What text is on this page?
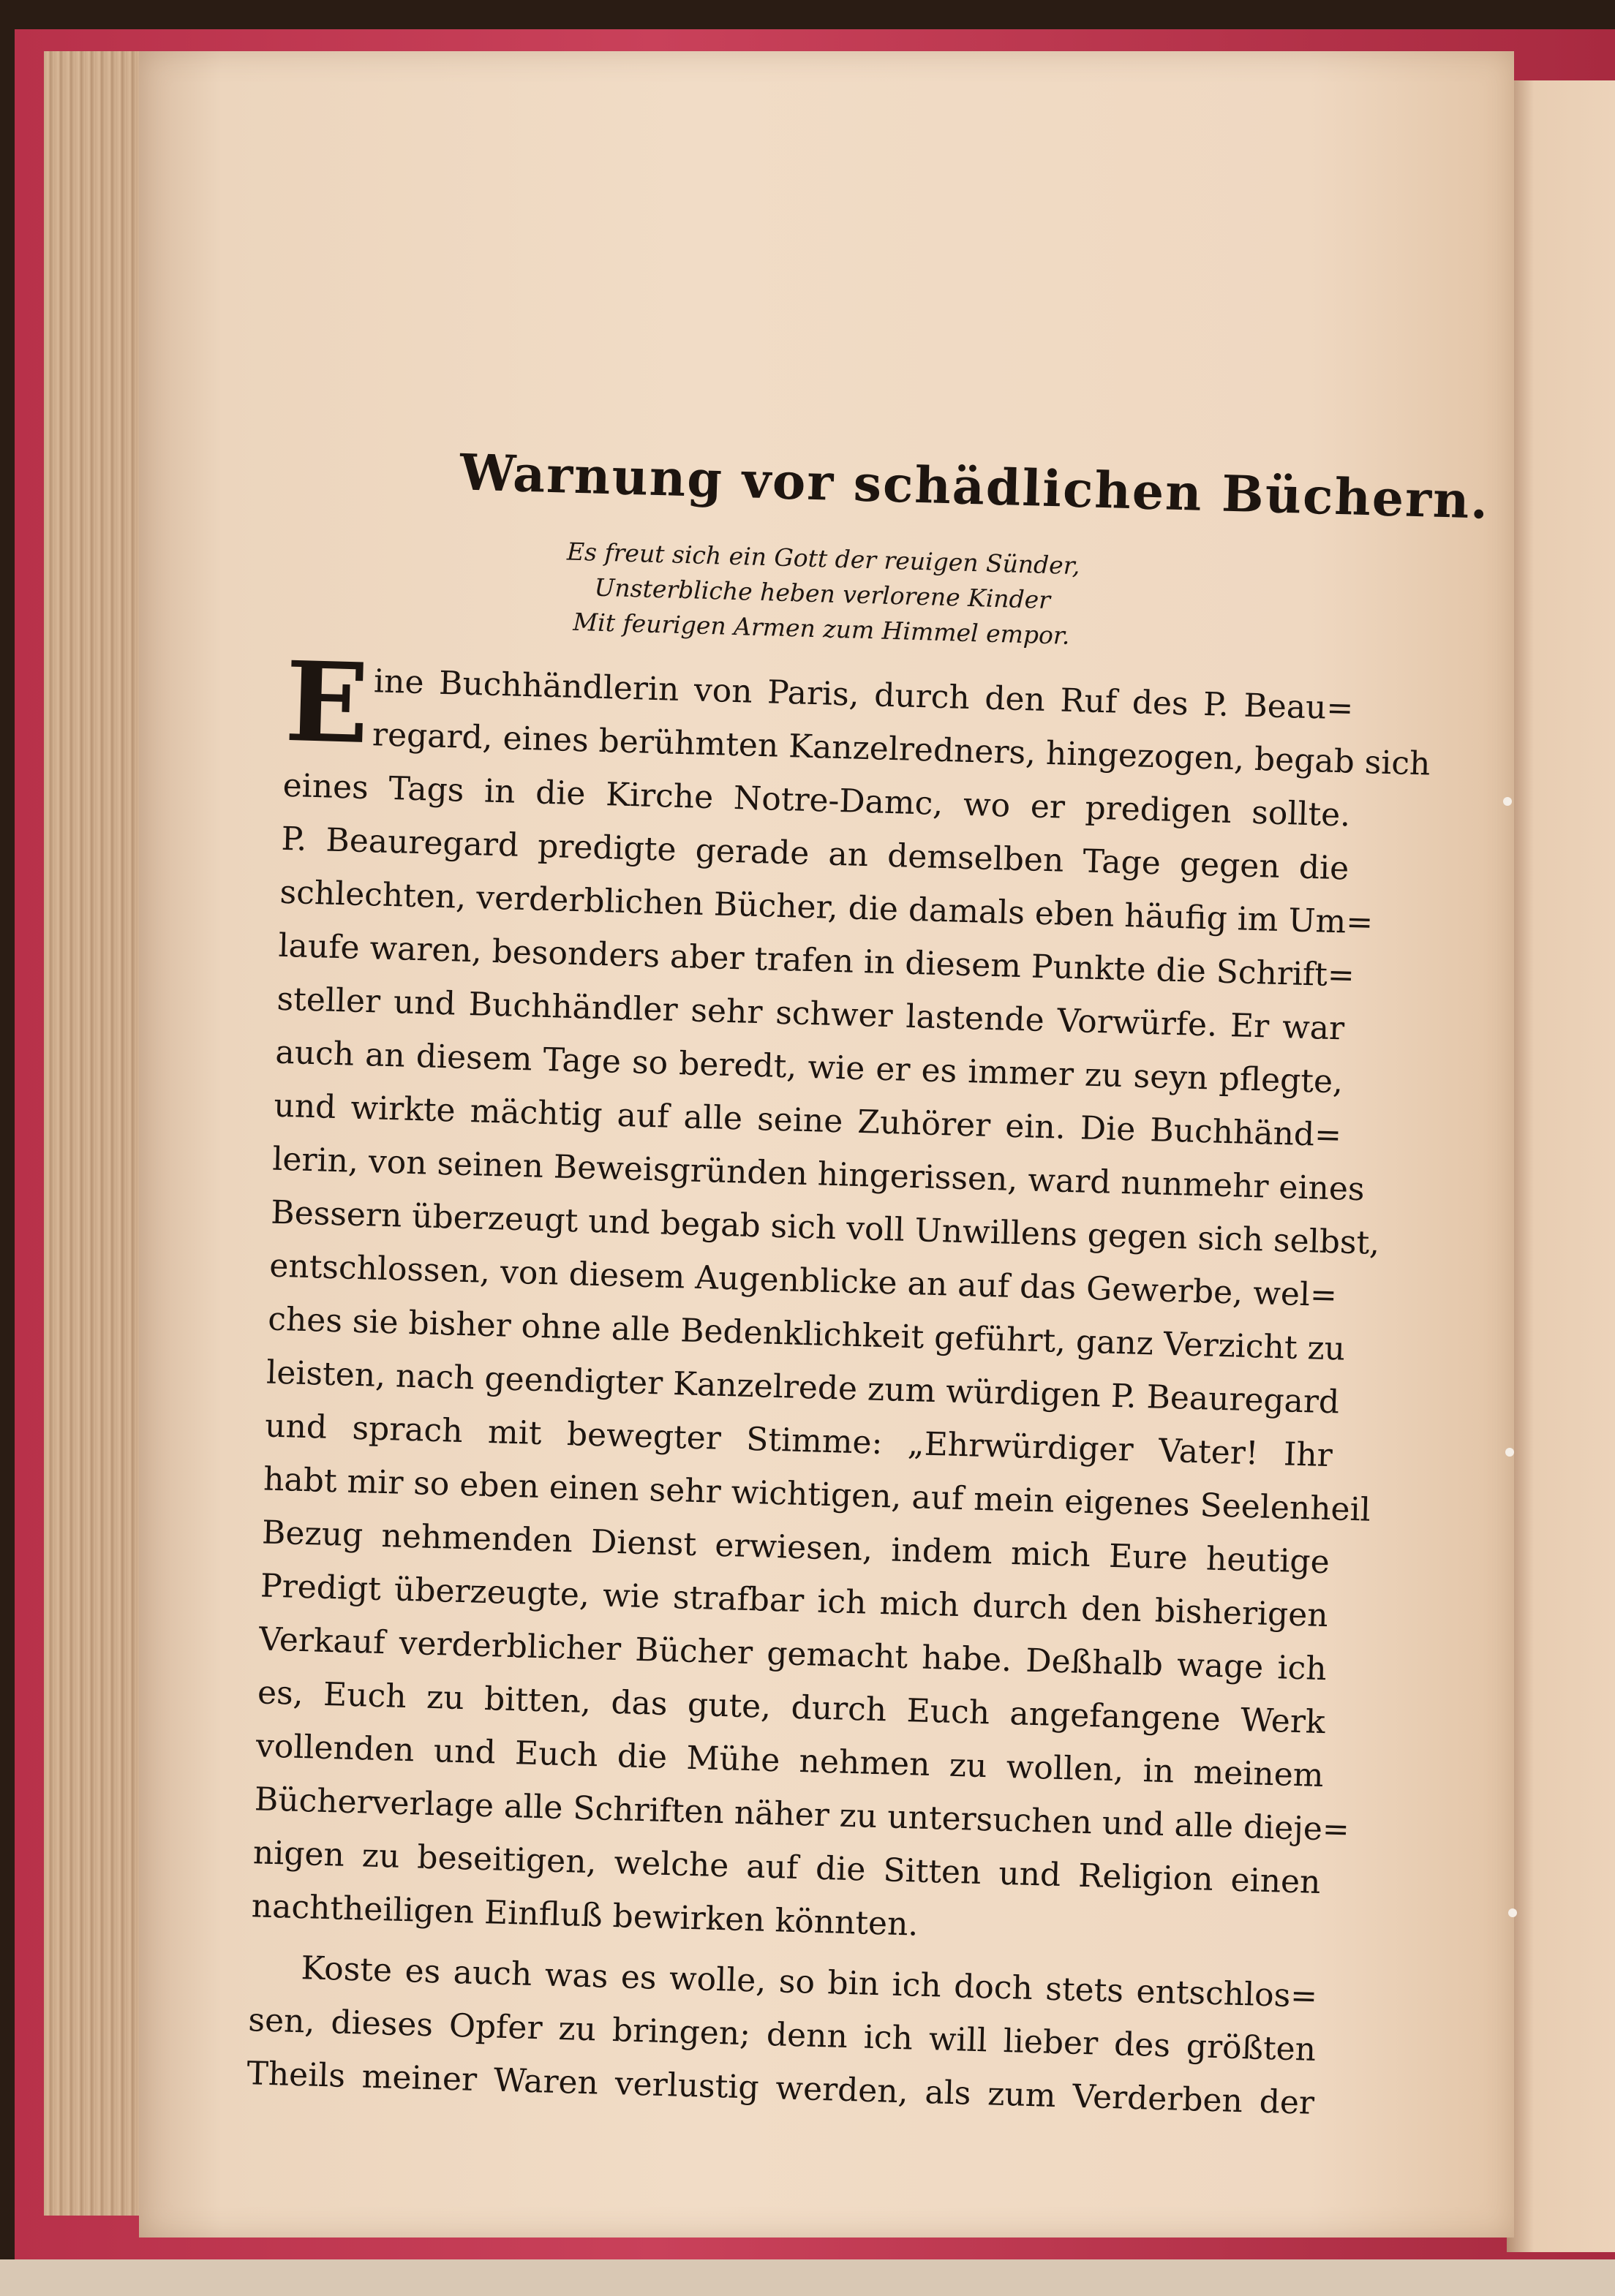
Warnung vor schädlichen Büchern.
Es freut sich ein Gott der reuigen Sünder,
Unsterbliche heben verlorene Kinder
Mit feurigen Armen zum Himmel empor.
E ine Buchhändlerin von Paris, durch den Ruf des P. Beau=
regard, eines berühmten Kanzelredners, hingezogen, begab sich
eines Tags in die Kirche Notre-Damc, wo er predigen sollte.
P. Beauregard predigte gerade an demselben Tage gegen die
schlechten, verderblichen Bücher, die damals eben häufig im Um=
laufe waren, besonders aber trafen in diesem Punkte die Schrift=
steller und Buchhändler sehr schwer lastende Vorwürfe. Er war
auch an diesem Tage so beredt, wie er es immer zu seyn pflegte,
und wirkte mächtig auf alle seine Zuhörer ein. Die Buchhänd=
lerin, von seinen Beweisgründen hingerissen, ward nunmehr eines
Bessern überzeugt und begab sich voll Unwillens gegen sich selbst,
entschlossen, von diesem Augenblicke an auf das Gewerbe, wel=
ches sie bisher ohne alle Bedenklichkeit geführt, ganz Verzicht zu
leisten, nach geendigter Kanzelrede zum würdigen P. Beauregard
und sprach mit bewegter Stimme: „Ehrwürdiger Vater! Ihr
habt mir so eben einen sehr wichtigen, auf mein eigenes Seelenheil
Bezug nehmenden Dienst erwiesen, indem mich Eure heutige
Predigt überzeugte, wie strafbar ich mich durch den bisherigen
Verkauf verderblicher Bücher gemacht habe. Deßhalb wage ich
es, Euch zu bitten, das gute, durch Euch angefangene Werk
vollenden und Euch die Mühe nehmen zu wollen, in meinem
Bücherverlage alle Schriften näher zu untersuchen und alle dieje=
nigen zu beseitigen, welche auf die Sitten und Religion einen
nachtheiligen Einfluß bewirken könnten.
Koste es auch was es wolle, so bin ich doch stets entschlos=
sen, dieses Opfer zu bringen; denn ich will lieber des größten
Theils meiner Waren verlustig werden, als zum Verderben der
